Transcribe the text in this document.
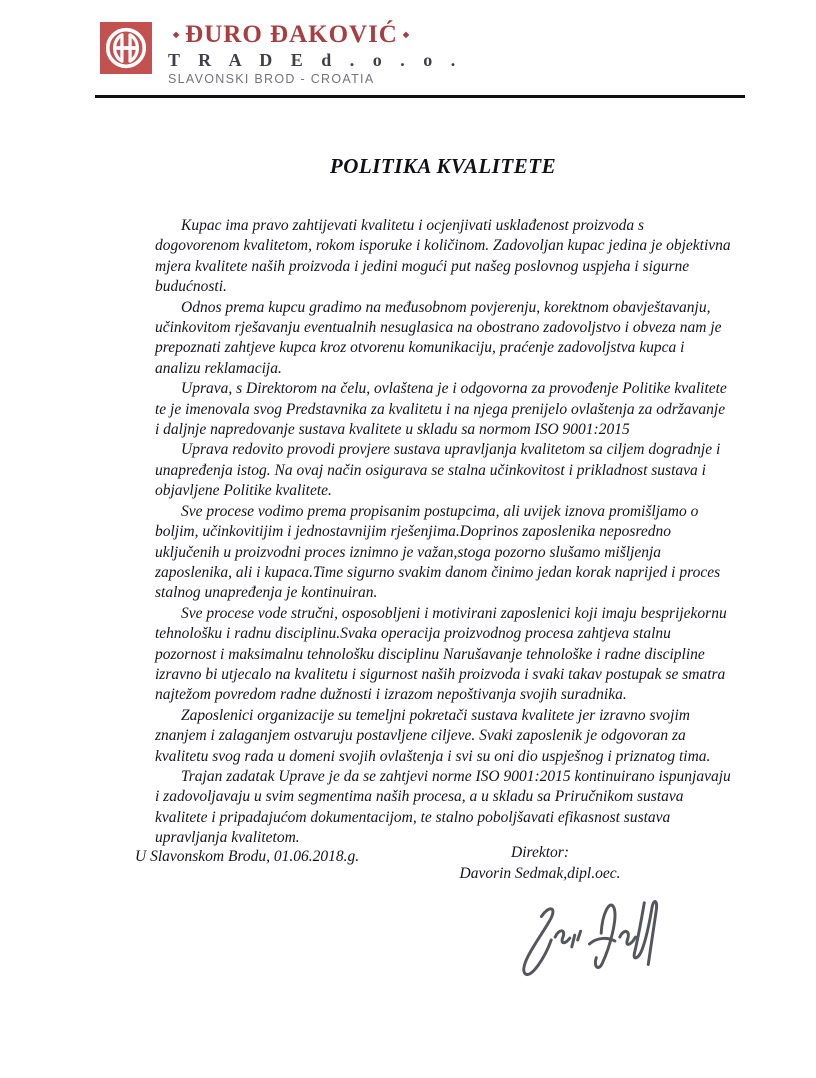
◆ ĐURO ĐAKOVIĆ ◆
T R A D E d . o . o .
SLAVONSKI BROD - CROATIA
POLITIKA KVALITETE

Kupac ima pravo zahtijevati kvalitetu i ocjenjivati usklađenost proizvoda s dogovorenom kvalitetom, rokom isporuke i količinom. Zadovoljan kupac jedina je objektivna mjera kvalitete naših proizvoda i jedini mogući put našeg poslovnog uspjeha i sigurne budućnosti.

Odnos prema kupcu gradimo na međusobnom povjerenju, korektnom obavještavanju, učinkovitom rješavanju eventualnih nesuglasica na obostrano zadovoljstvo i obveza nam je prepoznati zahtjeve kupca kroz otvorenu komunikaciju, praćenje zadovoljstva kupca i analizu reklamacija.

Uprava, s Direktorom na čelu, ovlaštena je i odgovorna za provođenje Politike kvalitete te je imenovala svog Predstavnika za kvalitetu i na njega prenijelo ovlaštenja za održavanje i daljnje napredovanje sustava kvalitete u skladu sa normom ISO 9001:2015

Uprava redovito provodi provjere sustava upravljanja kvalitetom sa ciljem dogradnje i unapređenja istog. Na ovaj način osigurava se stalna učinkovitost i prikladnost sustava i objavljene Politike kvalitete.

Sve procese vodimo prema propisanim postupcima, ali uvijek iznova promišljamo o boljim, učinkovitijim i jednostavnijim rješenjima.Doprinos zaposlenika neposredno uključenih u proizvodni proces iznimno je važan,stoga pozorno slušamo mišljenja zaposlenika, ali i kupaca.Time sigurno svakim danom činimo jedan korak naprijed i proces stalnog unapređenja je kontinuiran.

Sve procese vode stručni, osposobljeni i motivirani zaposlenici koji imaju besprijekornu tehnološku i radnu disciplinu.Svaka operacija proizvodnog procesa zahtjeva stalnu pozornost i maksimalnu tehnološku disciplinu Narušavanje tehnološke i radne discipline izravno bi utjecalo na kvalitetu i sigurnost naših proizvoda i svaki takav postupak se smatra najtežom povredom radne dužnosti i izrazom nepoštivanja svojih suradnika.

Zaposlenici organizacije su temeljni pokretači sustava kvalitete jer izravno svojim znanjem i zalaganjem ostvaruju postavljene ciljeve. Svaki zaposlenik je odgovoran za kvalitetu svog rada u domeni svojih ovlaštenja i svi su oni dio uspješnog i priznatog tima.

Trajan zadatak Uprave je da se zahtjevi norme ISO 9001:2015 kontinuirano ispunjavaju i zadovoljavaju u svim segmentima naših procesa, a u skladu sa Priručnikom sustava kvalitete i pripadajućom dokumentacijom, te stalno poboljšavati efikasnost sustava upravljanja kvalitetom.

U Slavonskom Brodu, 01.06.2018.g.	Direktor:
Davorin Sedmak,dipl.oec.
